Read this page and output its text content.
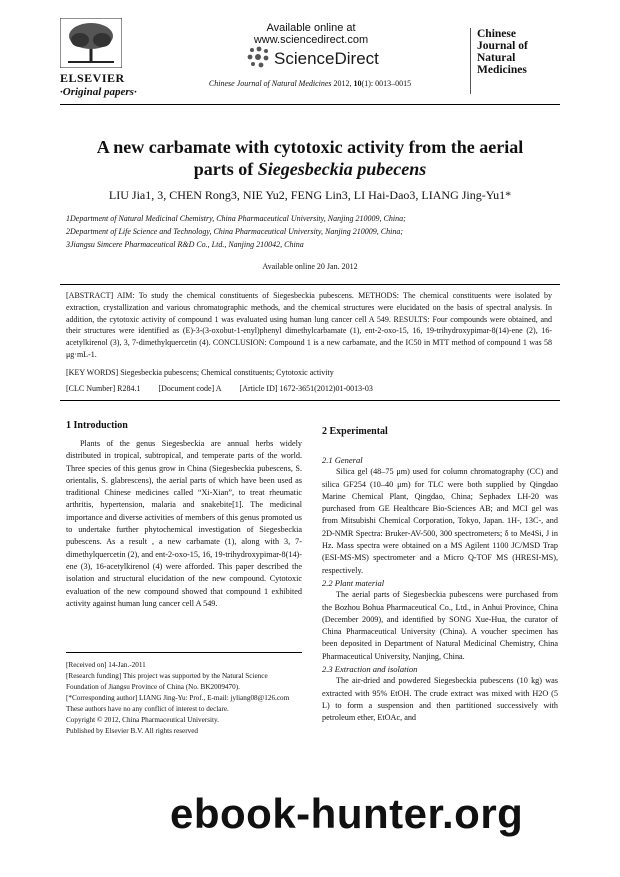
ELSEVIER
·Original papers·
Available online at www.sciencedirect.com
ScienceDirect
Chinese Journal of Natural Medicines 2012, 10(1): 0013–0015
Chinese
Journal of
Natural
Medicines
A new carbamate with cytotoxic activity from the aerial
parts of Siegesbeckia pubecens
LIU Jia1, 3, CHEN Rong3, NIE Yu2, FENG Lin3, LI Hai-Dao3, LIANG Jing-Yu1*
1Department of Natural Medicinal Chemistry, China Pharmaceutical University, Nanjing 210009, China;
2Department of Life Science and Technology, China Pharmaceutical University, Nanjing 210009, China;
3Jiangsu Simcere Pharmaceutical R&D Co., Ltd., Nanjing 210042, China
Available online 20 Jan. 2012
[ABSTRACT] AIM: To study the chemical constituents of Siegesbeckia pubescens. METHODS: The chemical constituents were isolated by extraction, crystallization and various chromatographic methods, and the chemical structures were elucidated on the basis of spectral analysis. In addition, the cytotoxic activity of compound 1 was evaluated using human lung cancer cell A 549. RESULTS: Four compounds were obtained, and their structures were identified as (E)-3-(3-oxobut-1-enyl)phenyl dimethylcarbamate (1), ent-2-oxo-15, 16, 19-trihydroxypimar-8(14)-ene (2), 16-acetylkirenol (3), 3, 7-dimethylquercetin (4). CONCLUSION: Compound 1 is a new carbamate, and the IC50 in MTT method of compound 1 was 58 μg·mL-1.
[KEY WORDS] Siegesbeckia pubescens; Chemical constituents; Cytotoxic activity
[CLC Number] R284.1 [Document code] A [Article ID] 1672-3651(2012)01-0013-03
1 Introduction

Plants of the genus Siegesbeckia are annual herbs widely distributed in tropical, subtropical, and temperate parts of the world. Three species of this genus grow in China (Siegesbeckia pubescens, S. orientalis, S. glabrescens), the aerial parts of which have been used as traditional Chinese medicines called “Xi-Xian”, to treat rheumatic arthritis, hypertension, malaria and snakebite[1]. The medicinal importance and diverse activities of members of this genus promoted us to undertake further phytochemical investigation of Siegesbeckia pubescens. As a result , a new carbamate (1), along with 3, 7-dimethylquercetin (2), and ent-2-oxo-15, 16, 19-trihydroxypimar-8(14)-ene (3), 16-acetylkirenol (4) were afforded. This paper described the isolation and structural elucidation of the new compound. Cytotoxic evaluation of the new compound showed that compound 1 exhibited activity against human lung cancer cell A 549.

[Received on] 14-Jan.-2011
[Research funding] This project was supported by the Natural Science Foundation of Jiangsu Province of China (No. BK2009470).
[*Corresponding author] LIANG Jing-Yu: Prof., E-mail: jyliang08@126.com
These authors have no any conflict of interest to declare.
Copyright © 2012, China Pharmaceutical University.
Published by Elsevier B.V. All rights reserved
2 Experimental
2.1 General

Silica gel (48–75 μm) used for column chromatography (CC) and silica GF254 (10–40 μm) for TLC were both supplied by Qingdao Marine Chemical Plant, Qingdao, China; Sephadex LH-20 was purchased from GE Healthcare Bio-Sciences AB; and MCI gel was from Mitsubishi Chemical Corporation, Tokyo, Japan. 1H-, 13C-, and 2D-NMR Spectra: Bruker-AV-500, 300 spectrometers; δ to Me4Si, J in Hz. Mass spectra were obtained on a MS Agilent 1100 JC/MSD Trap (ESI-MS-MS) spectrometer and a Micro Q-TOF MS (HRESI-MS), respectively.

2.2 Plant material

The aerial parts of Siegesbeckia pubescens were purchased from the Bozhou Bohua Pharmaceutical Co., Ltd., in Anhui Province, China (December 2009), and identified by SONG Xue-Hua, the curator of China Pharmaceutical University (China). A voucher specimen has been deposited in Department of Natural Medicinal Chemistry, China Pharmaceutical University, Nanjing, China.

2.3 Extraction and isolation

The air-dried and powdered Siegesbeckia pubescens (10 kg) was extracted with 95% EtOH. The crude extract was mixed with H2O (5 L) to form a suspension and then partitioned successively with petroleum ether, EtOAc, and

ebook-hunter.org
